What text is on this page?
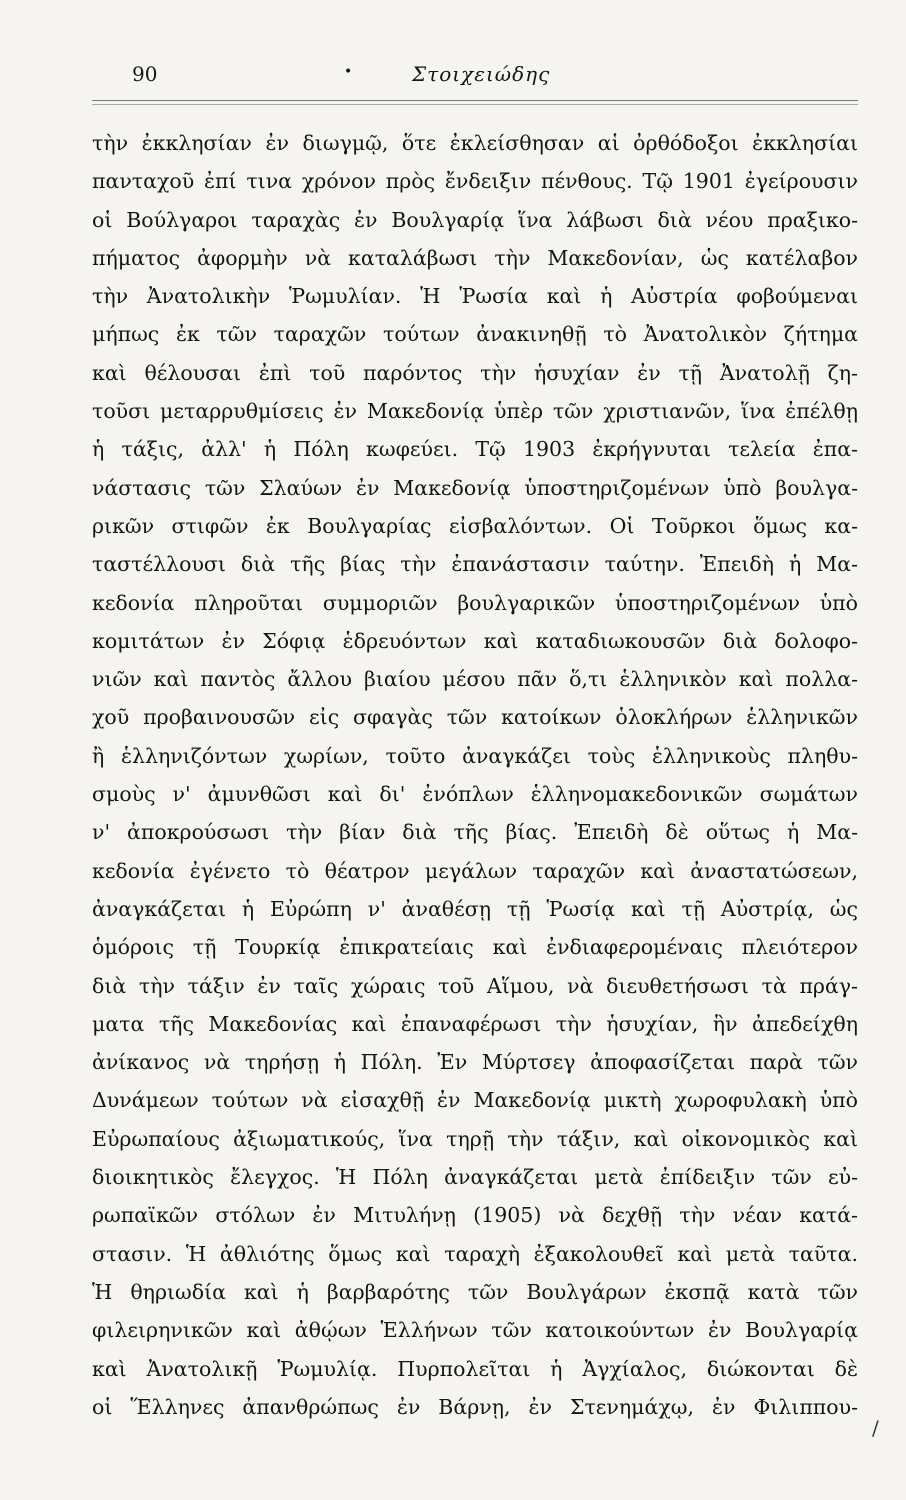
90	•	Στοιχειώδης

τὴν ἐκκλησίαν ἐν διωγμῷ, ὅτε ἐκλείσθησαν αἱ ὀρθόδοξοι ἐκκλησίαι
πανταχοῦ ἐπί τινα χρόνον πρὸς ἔνδειξιν πένθους. Τῷ 1901 ἐγείρουσιν
οἱ Βούλγαροι ταραχὰς ἐν Βουλγαρίᾳ ἵνα λάβωσι διὰ νέου πραξικο-
πήματος ἀφορμὴν νὰ καταλάβωσι τὴν Μακεδονίαν, ὡς κατέλαβον
τὴν Ἀνατολικὴν Ῥωμυλίαν. Ἡ Ῥωσία καὶ ἡ Αὐστρία φοβούμεναι
μήπως ἐκ τῶν ταραχῶν τούτων ἀνακινηθῇ τὸ Ἀνατολικὸν ζήτημα
καὶ θέλουσαι ἐπὶ τοῦ παρόντος τὴν ἡσυχίαν ἐν τῇ Ἀνατολῇ ζη-
τοῦσι μεταρρυθμίσεις ἐν Μακεδονίᾳ ὑπὲρ τῶν χριστιανῶν, ἵνα ἐπέλθῃ
ἡ τάξις, ἀλλ' ἡ Πόλη κωφεύει. Τῷ 1903 ἐκρήγνυται τελεία ἐπα-
νάστασις τῶν Σλαύων ἐν Μακεδονίᾳ ὑποστηριζομένων ὑπὸ βουλγα-
ρικῶν στιφῶν ἐκ Βουλγαρίας εἰσβαλόντων. Οἱ Τοῦρκοι ὅμως κα-
ταστέλλουσι διὰ τῆς βίας τὴν ἐπανάστασιν ταύτην. Ἐπειδὴ ἡ Μα-
κεδονία πληροῦται συμμοριῶν βουλγαρικῶν ὑποστηριζομένων ὑπὸ
κομιτάτων ἐν Σόφιᾳ ἑδρευόντων καὶ καταδιωκουσῶν διὰ δολοφο-
νιῶν καὶ παντὸς ἄλλου βιαίου μέσου πᾶν ὅ,τι ἑλληνικὸν καὶ πολλα-
χοῦ προβαινουσῶν εἰς σφαγὰς τῶν κατοίκων ὁλοκλήρων ἑλληνικῶν
ἢ ἑλληνιζόντων χωρίων, τοῦτο ἀναγκάζει τοὺς ἑλληνικοὺς πληθυ-
σμοὺς ν' ἀμυνθῶσι καὶ δι' ἐνόπλων ἑλληνομακεδονικῶν σωμάτων
ν' ἀποκρούσωσι τὴν βίαν διὰ τῆς βίας. Ἐπειδὴ δὲ οὕτως ἡ Μα-
κεδονία ἐγένετο τὸ θέατρον μεγάλων ταραχῶν καὶ ἀναστατώσεων,
ἀναγκάζεται ἡ Εὐρώπη ν' ἀναθέσῃ τῇ Ῥωσίᾳ καὶ τῇ Αὐστρίᾳ, ὡς
ὁμόροις τῇ Τουρκίᾳ ἐπικρατείαις καὶ ἐνδιαφερομέναις πλειότερον
διὰ τὴν τάξιν ἐν ταῖς χώραις τοῦ Αἵμου, νὰ διευθετήσωσι τὰ πράγ-
ματα τῆς Μακεδονίας καὶ ἐπαναφέρωσι τὴν ἡσυχίαν, ἣν ἀπεδείχθη
ἀνίκανος νὰ τηρήσῃ ἡ Πόλη. Ἐν Μύρτσεγ ἀποφασίζεται παρὰ τῶν
Δυνάμεων τούτων νὰ εἰσαχθῇ ἐν Μακεδονίᾳ μικτὴ χωροφυλακὴ ὑπὸ
Εὐρωπαίους ἀξιωματικούς, ἵνα τηρῇ τὴν τάξιν, καὶ οἰκονομικὸς καὶ
διοικητικὸς ἔλεγχος. Ἡ Πόλη ἀναγκάζεται μετὰ ἐπίδειξιν τῶν εὐ-
ρωπαϊκῶν στόλων ἐν Μιτυλήνῃ (1905) νὰ δεχθῇ τὴν νέαν κατά-
στασιν. Ἡ ἀθλιότης ὅμως καὶ ταραχὴ ἐξακολουθεῖ καὶ μετὰ ταῦτα.
Ἡ θηριωδία καὶ ἡ βαρβαρότης τῶν Βουλγάρων ἐκσπᾷ κατὰ τῶν
φιλειρηνικῶν καὶ ἀθῴων Ἑλλήνων τῶν κατοικούντων ἐν Βουλγαρίᾳ
καὶ Ἀνατολικῇ Ῥωμυλίᾳ. Πυρπολεῖται ἡ Ἀγχίαλος, διώκονται δὲ
οἱ Ἕλληνες ἀπανθρώπως ἐν Βάρνῃ, ἐν Στενημάχῳ, ἐν Φιλιππου-

/
